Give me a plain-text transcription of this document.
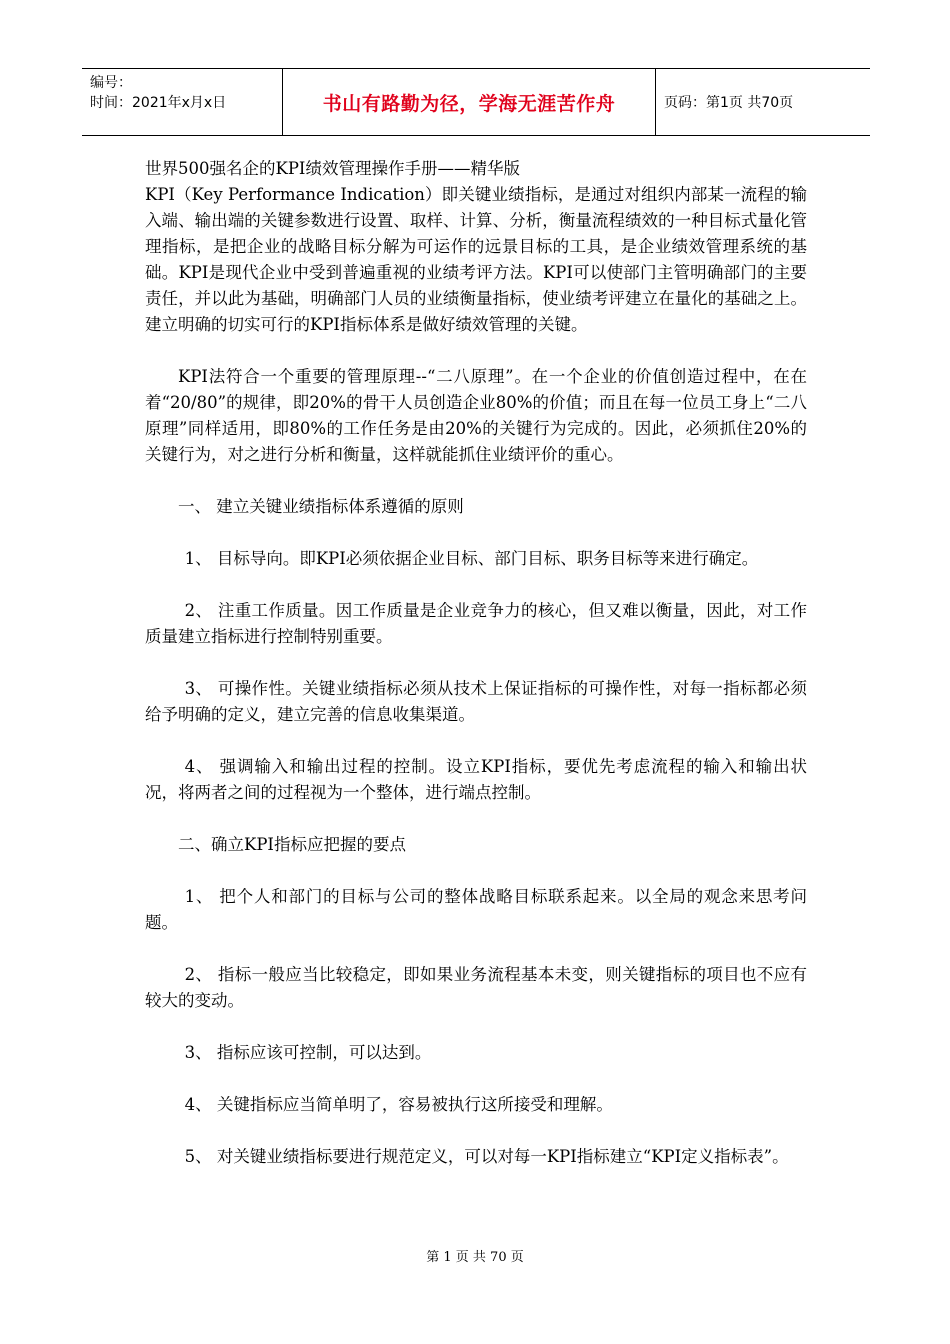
编号：
时间：2021年x月x日	书山有路勤为径，学海无涯苦作舟	页码：第1页 共70页

世界500强名企的KPI绩效管理操作手册——精华版

KPI（Key Performance Indication）即关键业绩指标，是通过对组织内部某一流程的输入端、输出端的关键参数进行设置、取样、计算、分析，衡量流程绩效的一种目标式量化管理指标，是把企业的战略目标分解为可运作的远景目标的工具，是企业绩效管理系统的基础。KPI是现代企业中受到普遍重视的业绩考评方法。KPI可以使部门主管明确部门的主要责任，并以此为基础，明确部门人员的业绩衡量指标，使业绩考评建立在量化的基础之上。建立明确的切实可行的KPI指标体系是做好绩效管理的关键。

KPI法符合一个重要的管理原理--“二八原理”。在一个企业的价值创造过程中，在在着“20/80”的规律，即20%的骨干人员创造企业80%的价值；而且在每一位员工身上“二八原理”同样适用，即80%的工作任务是由20%的关键行为完成的。因此，必须抓住20%的关键行为，对之进行分析和衡量，这样就能抓住业绩评价的重心。

一、 建立关键业绩指标体系遵循的原则

1、 目标导向。即KPI必须依据企业目标、部门目标、职务目标等来进行确定。

2、 注重工作质量。因工作质量是企业竞争力的核心，但又难以衡量，因此，对工作质量建立指标进行控制特别重要。

3、 可操作性。关键业绩指标必须从技术上保证指标的可操作性，对每一指标都必须给予明确的定义，建立完善的信息收集渠道。

4、 强调输入和输出过程的控制。设立KPI指标，要优先考虑流程的输入和输出状况，将两者之间的过程视为一个整体，进行端点控制。

二、确立KPI指标应把握的要点

1、 把个人和部门的目标与公司的整体战略目标联系起来。以全局的观念来思考问题。

2、 指标一般应当比较稳定，即如果业务流程基本未变，则关键指标的项目也不应有较大的变动。

3、 指标应该可控制，可以达到。

4、 关键指标应当简单明了，容易被执行这所接受和理解。

5、 对关键业绩指标要进行规范定义，可以对每一KPI指标建立“KPI定义指标表”。

第 1 页 共 70 页
